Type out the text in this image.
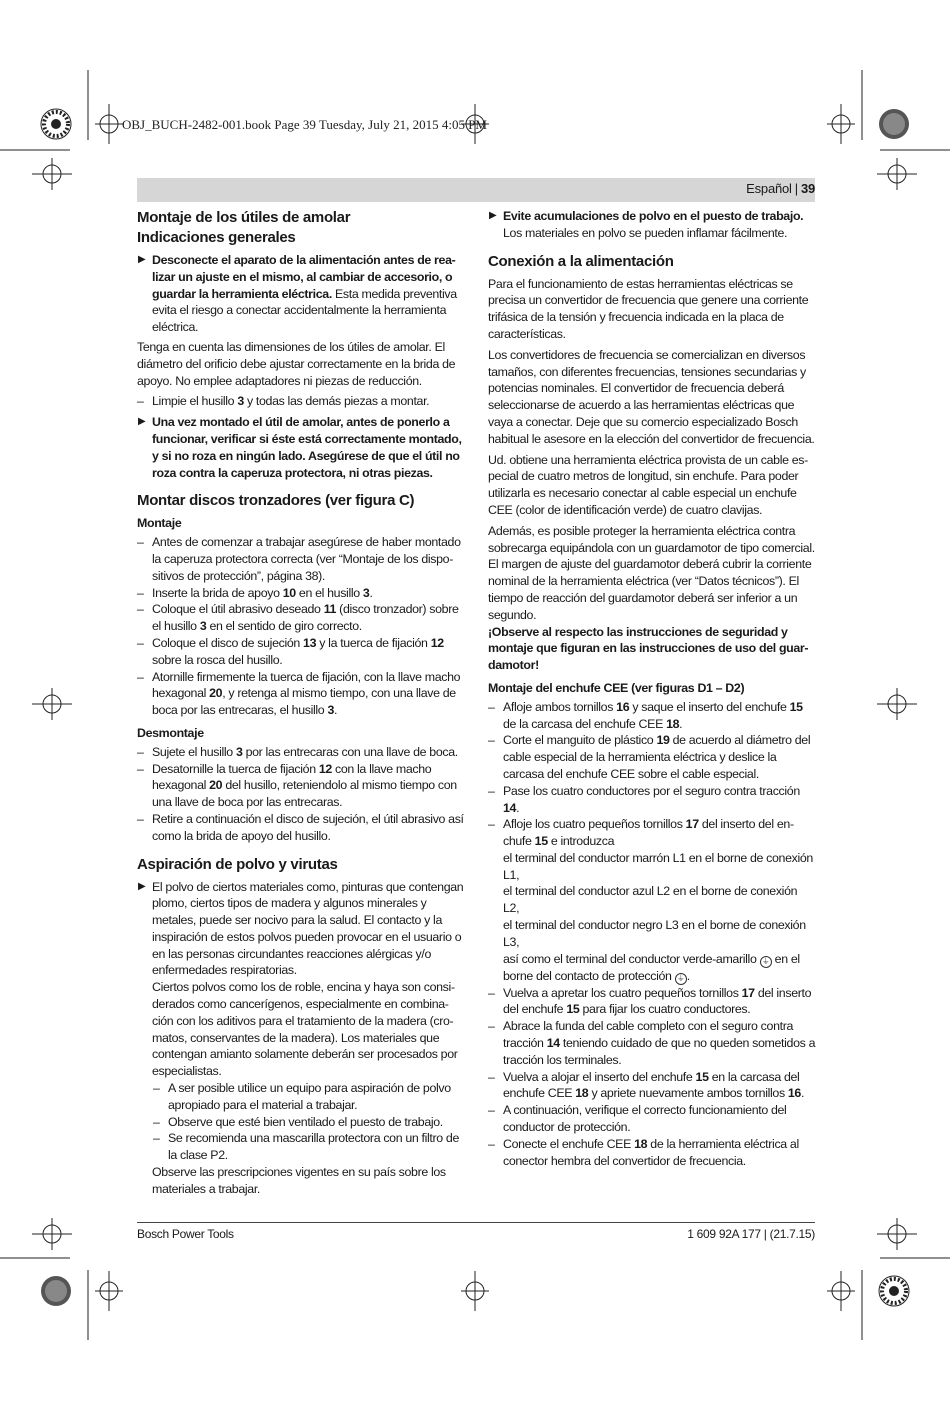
OBJ_BUCH-2482-001.book Page 39 Tuesday, July 21, 2015 4:05 PM
Español | 39

Montaje de los útiles de amolar

Indicaciones generales

▶ Desconecte el aparato de la alimentación antes de realizar un ajuste en el mismo, al cambiar de accesorio, o guardar la herramienta eléctrica. Esta medida preventiva evita el riesgo a conectar accidentalmente la herramienta eléctrica.

Tenga en cuenta las dimensiones de los útiles de amolar. El diámetro del orificio debe ajustar correctamente en la brida de apoyo. No emplee adaptadores ni piezas de reducción.

– Limpie el husillo 3 y todas las demás piezas a montar.

▶ Una vez montado el útil de amolar, antes de ponerlo a funcionar, verificar si éste está correctamente montado, y si no roza en ningún lado. Asegúrese de que el útil no roza contra la caperuza protectora, ni otras piezas.

Montar discos tronzadores (ver figura C)

Montaje

– Antes de comenzar a trabajar asegúrese de haber montado la caperuza protectora correcta (ver “Montaje de los dispositivos de protección”, página 38).

– Inserte la brida de apoyo 10 en el husillo 3.

– Coloque el útil abrasivo deseado 11 (disco tronzador) sobre el husillo 3 en el sentido de giro correcto.

– Coloque el disco de sujeción 13 y la tuerca de fijación 12 sobre la rosca del husillo.

– Atornille firmemente la tuerca de fijación, con la llave macho hexagonal 20, y retenga al mismo tiempo, con una llave de boca por las entrecaras, el husillo 3.

Desmontaje

– Sujete el husillo 3 por las entrecaras con una llave de boca.

– Desatornille la tuerca de fijación 12 con la llave macho hexagonal 20 del husillo, reteniendolo al mismo tiempo con una llave de boca por las entrecaras.

– Retire a continuación el disco de sujeción, el útil abrasivo así como la brida de apoyo del husillo.

Aspiración de polvo y virutas

▶ El polvo de ciertos materiales como, pinturas que contengan plomo, ciertos tipos de madera y algunos minerales y metales, puede ser nocivo para la salud. El contacto y la inspiración de estos polvos pueden provocar en el usuario o en las personas circundantes reacciones alérgicas y/o enfermedades respiratorias.

Ciertos polvos como los de roble, encina y haya son considerados como cancerígenos, especialmente en combinación con los aditivos para el tratamiento de la madera (cromatos, conservantes de la madera). Los materiales que contengan amianto solamente deberán ser procesados por especialistas.

– A ser posible utilice un equipo para aspiración de polvo apropiado para el material a trabajar.

– Observe que esté bien ventilado el puesto de trabajo.

– Se recomienda una mascarilla protectora con un filtro de la clase P2.

Observe las prescripciones vigentes en su país sobre los materiales a trabajar.

▶ Evite acumulaciones de polvo en el puesto de trabajo. Los materiales en polvo se pueden inflamar fácilmente.

Conexión a la alimentación

Para el funcionamiento de estas herramientas eléctricas se precisa un convertidor de frecuencia que genere una corriente trifásica de la tensión y frecuencia indicada en la placa de características.

Los convertidores de frecuencia se comercializan en diversos tamaños, con diferentes frecuencias, tensiones secundarias y potencias nominales. El convertidor de frecuencia deberá seleccionarse de acuerdo a las herramientas eléctricas que vaya a conectar. Deje que su comercio especializado Bosch habitual le asesore en la elección del convertidor de frecuencia.

Ud. obtiene una herramienta eléctrica provista de un cable especial de cuatro metros de longitud, sin enchufe. Para poder utilizarla es necesario conectar al cable especial un enchufe CEE (color de identificación verde) de cuatro clavijas.

Además, es posible proteger la herramienta eléctrica contra sobrecarga equipándola con un guardamotor de tipo comercial. El margen de ajuste del guardamotor deberá cubrir la corriente nominal de la herramienta eléctrica (ver “Datos técnicos”). El tiempo de reacción del guardamotor deberá ser inferior a un segundo.

¡Observe al respecto las instrucciones de seguridad y montaje que figuran en las instrucciones de uso del guardamotor!

Montaje del enchufe CEE (ver figuras D1 – D2)

– Afloje ambos tornillos 16 y saque el inserto del enchufe 15 de la carcasa del enchufe CEE 18.

– Corte el manguito de plástico 19 de acuerdo al diámetro del cable especial de la herramienta eléctrica y deslice la carcasa del enchufe CEE sobre el cable especial.

– Pase los cuatro conductores por el seguro contra tracción 14.

– Afloje los cuatro pequeños tornillos 17 del inserto del enchufe 15 e introduzca

el terminal del conductor marrón L1 en el borne de conexión L1,

el terminal del conductor azul L2 en el borne de conexión L2,

el terminal del conductor negro L3 en el borne de conexión L3,

así como el terminal del conductor verde-amarillo ⏚ en el borne del contacto de protección ⏚ .

– Vuelva a apretar los cuatro pequeños tornillos 17 del inserto del enchufe 15 para fijar los cuatro conductores.

– Abrace la funda del cable completo con el seguro contra tracción 14 teniendo cuidado de que no queden sometidos a tracción los terminales.

– Vuelva a alojar el inserto del enchufe 15 en la carcasa del enchufe CEE 18 y apriete nuevamente ambos tornillos 16.

– A continuación, verifique el correcto funcionamiento del conductor de protección.

– Conecte el enchufe CEE 18 de la herramienta eléctrica al conector hembra del convertidor de frecuencia.

Bosch Power Tools	1 609 92A 177 | (21.7.15)
